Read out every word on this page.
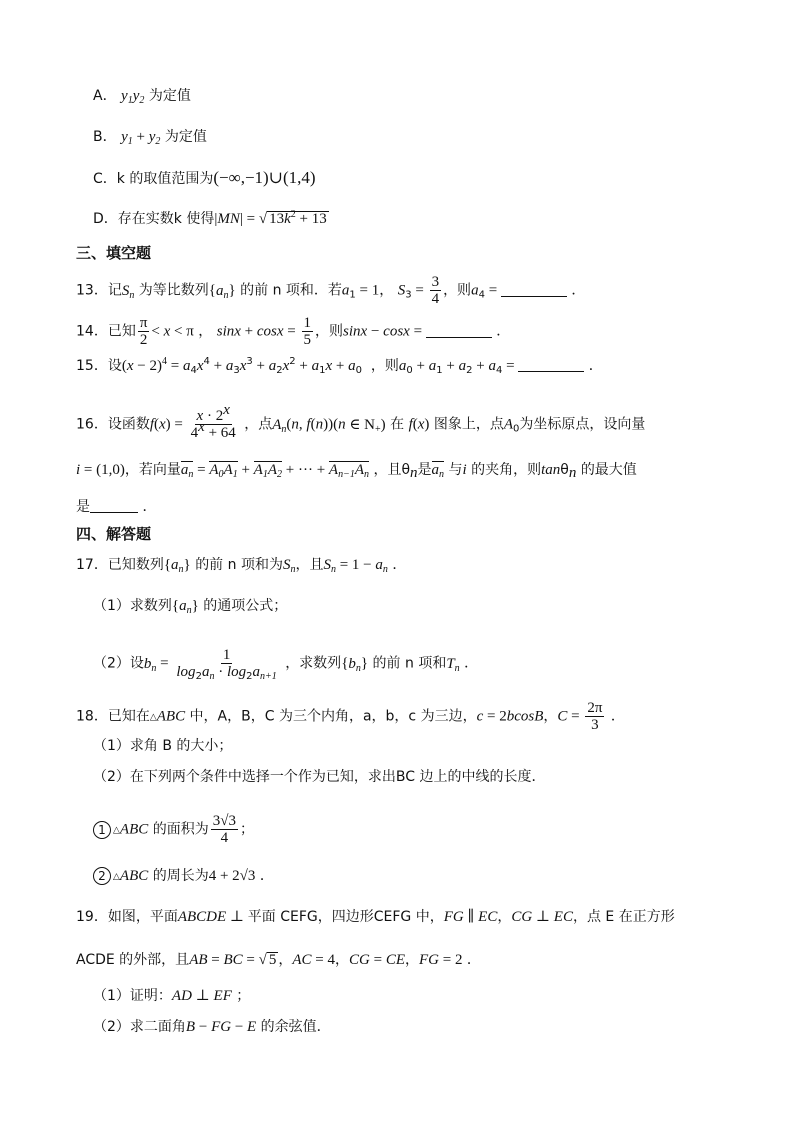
A． $y_1y_2$ 为定值
B． $y_1 + y_2$ 为定值
C．k 的取值范围为(−∞,−1)∪(1,4)
D．存在实数k 使得|MN| = √ $13k^2 + 13$
三、填空题
13．记$S_n$ 为等比数列$\{a_n\}$ 的前 n 项和．若$a_1 = 1$， $S_3 = \frac{3}{4}$ ，则$a_4$ =	．
14．已知 $\frac{\pi}{2} < x < \pi$ ， $\sin x + \cos x = \frac{1}{5}$ ，则sinx − cosx =	．
15．设$(x - 2)^4 = a_4x^4 + a_3x^3 + a_2x^2 + a_1x + a_0$ ，则$a_0 + a_1 + a_2 + a_4$ =	．
16．设函数$f(x) = \frac{x \cdot 2^x}{4^x + 64}$ ，点$A_n(n$, f(n))(n ∈ $N_+$) 在 f(x) 图象上，点$A_0$为坐标原点，设向量
i = (1,0)，若向量$a_n = A_0A_1 + A_1A_2$ + ··· + $A_{n-1}A_n$ ，且$\theta_n$是$a_n$ 与i 的夹角，则tanθ$_n$ 的最大值
是	．
四、解答题
17．已知数列$\{a_n\}$ 的前 n 项和为$S_n$，且$S_n = 1 - a_n$ ．
（1）求数列$\{a_n\}$ 的通项公式；
（2）设$b_n = \frac{1}{\log_2a_n \cdot \log_2a_{n+1}}$ ，求数列$\{b_n\}$ 的前 n 项和$T_n$ ．
18．已知在△ABC 中，A，B，C 为三个内角，a，b，c 为三边，c = 2bcosB，$C = \frac{2\pi}{3}$ ．
（1）求角 B 的大小；
（2）在下列两个条件中选择一个作为已知，求出BC 边上的中线的长度．
1 △ABC 的面积为 $\frac{3√3}{4}$ ；
2 △ABC 的周长为4 + 2√3 ．
19．如图，平面ABCDE ⊥ 平面 CEFG，四边形CEFG 中，FG ∥ EC，CG ⊥ EC，点 E 在正方形
ACDE 的外部，且AB = BC = √ 5 ，AC = 4，CG = CE，FG = 2 ．
（1）证明：AD ⊥ EF ；
（2）求二面角B − FG − E 的余弦值．
